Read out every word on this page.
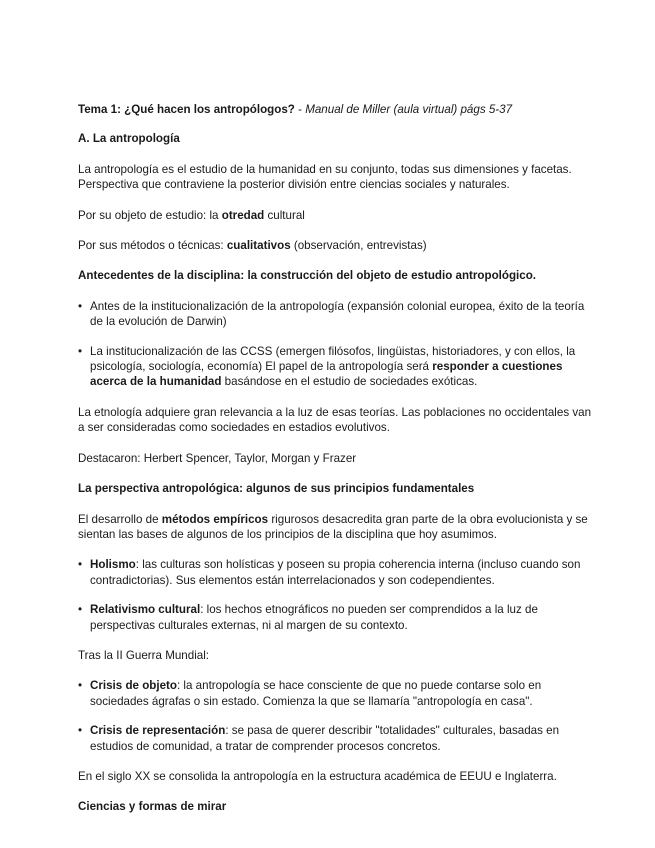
Tema 1: ¿Qué hacen los antropólogos? - Manual de Miller (aula virtual) págs 5-37

A. La antropología

La antropología es el estudio de la humanidad en su conjunto, todas sus dimensiones y facetas. Perspectiva que contraviene la posterior división entre ciencias sociales y naturales.

Por su objeto de estudio: la otredad cultural

Por sus métodos o técnicas: cualitativos (observación, entrevistas)

Antecedentes de la disciplina: la construcción del objeto de estudio antropológico.

• Antes de la institucionalización de la antropología (expansión colonial europea, éxito de la teoría de la evolución de Darwin)
• La institucionalización de las CCSS (emergen filósofos, lingüistas, historiadores, y con ellos, la psicología, sociología, economía) El papel de la antropología será responder a cuestiones acerca de la humanidad basándose en el estudio de sociedades exóticas.

La etnología adquiere gran relevancia a la luz de esas teorías. Las poblaciones no occidentales van a ser consideradas como sociedades en estadios evolutivos.

Destacaron: Herbert Spencer, Taylor, Morgan y Frazer

La perspectiva antropológica: algunos de sus principios fundamentales

El desarrollo de métodos empíricos rigurosos desacredita gran parte de la obra evolucionista y se sientan las bases de algunos de los principios de la disciplina que hoy asumimos.

• Holismo: las culturas son holísticas y poseen su propia coherencia interna (incluso cuando son contradictorias). Sus elementos están interrelacionados y son codependientes.
• Relativismo cultural: los hechos etnográficos no pueden ser comprendidos a la luz de perspectivas culturales externas, ni al margen de su contexto.

Tras la II Guerra Mundial:

• Crisis de objeto: la antropología se hace consciente de que no puede contarse solo en sociedades ágrafas o sin estado. Comienza la que se llamaría "antropología en casa".
• Crisis de representación: se pasa de querer describir "totalidades" culturales, basadas en estudios de comunidad, a tratar de comprender procesos concretos.

En el siglo XX se consolida la antropología en la estructura académica de EEUU e Inglaterra.

Ciencias y formas de mirar
